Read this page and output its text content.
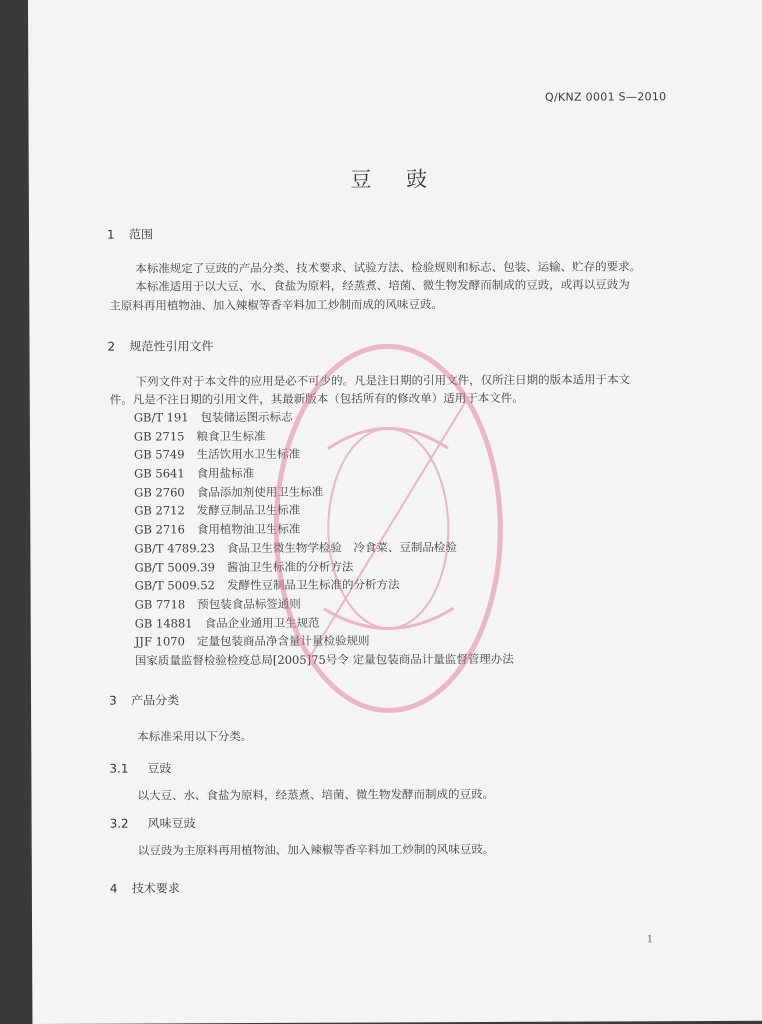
Q/KNZ 0001 S—2010
豆 豉
1 范围
本标准规定了豆豉的产品分类、技术要求、试验方法、检验规则和标志、包装、运输、贮存的要求。
本标准适用于以大豆、水、食盐为原料，经蒸煮、培菌、微生物发酵而制成的豆豉，或再以豆豉为
主原料再用植物油、加入辣椒等香辛料加工炒制而成的风味豆豉。
2 规范性引用文件
下列文件对于本文件的应用是必不可少的。凡是注日期的引用文件，仅所注日期的版本适用于本文
件。凡是不注日期的引用文件，其最新版本（包括所有的修改单）适用于本文件。
GB/T 191 包装储运图示标志
GB 2715 粮食卫生标准
GB 5749 生活饮用水卫生标准
GB 5641 食用盐标准
GB 2760 食品添加剂使用卫生标准
GB 2712 发酵豆制品卫生标准
GB 2716 食用植物油卫生标准
GB/T 4789.23 食品卫生微生物学检验　冷食菜、豆制品检验
GB/T 5009.39 酱油卫生标准的分析方法
GB/T 5009.52 发酵性豆制品卫生标准的分析方法
GB 7718 预包装食品标签通则
GB 14881 食品企业通用卫生规范
JJF 1070 定量包装商品净含量计量检验规则
国家质量监督检验检疫总局[2005]75号令 定量包装商品计量监督管理办法
3 产品分类
本标准采用以下分类。
3.1 豆豉
以大豆、水、食盐为原料，经蒸煮、培菌、微生物发酵而制成的豆豉。
3.2 风味豆豉
以豆豉为主原料再用植物油、加入辣椒等香辛料加工炒制的风味豆豉。
4 技术要求
1
